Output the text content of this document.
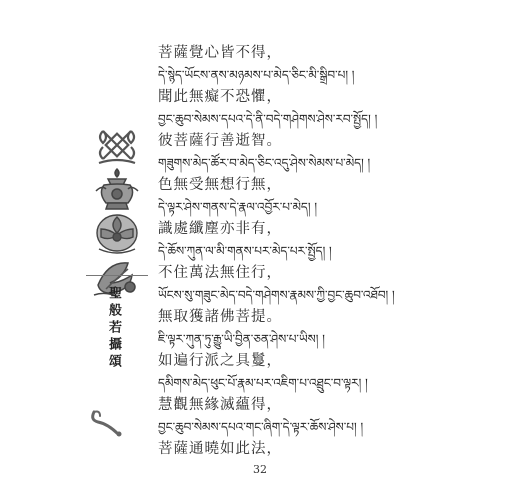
聖般若攝頌
菩薩覺心皆不得，
དེ་སྙེད་ཡོངས་ནས་མཉམས་པ་མེད་ཅིང་མི་སྒྲིབ་པ། །
聞此無癡不恐懼，
བྱང་ཆུབ་སེམས་དཔའ་དེ་ནི་བདེ་གཤེགས་ཤེས་རབ་སྤྱོད། །
彼菩薩行善逝智。
གཟུགས་མེད་ཚོར་བ་མེད་ཅིང་འདུ་ཤེས་སེམས་པ་མེད། །
色無受無想行無，
དེ་ལྟར་ཤེས་གནས་དེ་རྣལ་འབྱོར་པ་མེད། །
識處纖塵亦非有，
དེ་ཆོས་ཀུན་ལ་མི་གནས་པར་མེད་པར་སྤྱོད། །
不住萬法無住行，
ཡོངས་སུ་གཟུང་མེད་བདེ་གཤེགས་རྣམས་ཀྱི་བྱང་ཆུབ་འཐོབ། །
無取獲諸佛菩提。
ཇི་ལྟར་ཀུན་ཏུ་རྒྱུ་ཡི་བྱིན་ཅན་ཤེས་པ་ཡིས། །
如遍行派之具鬘，
དམིགས་མེད་ཕུང་པོ་རྣམ་པར་འཇིག་པ་འཐྲུང་བ་ལྟར། །
慧觀無緣滅蘊得，
བྱང་ཆུབ་སེམས་དཔའ་གང་ཞིག་དེ་ལྟར་ཆོས་ཤེས་པ། །
菩薩通曉如此法，
32
